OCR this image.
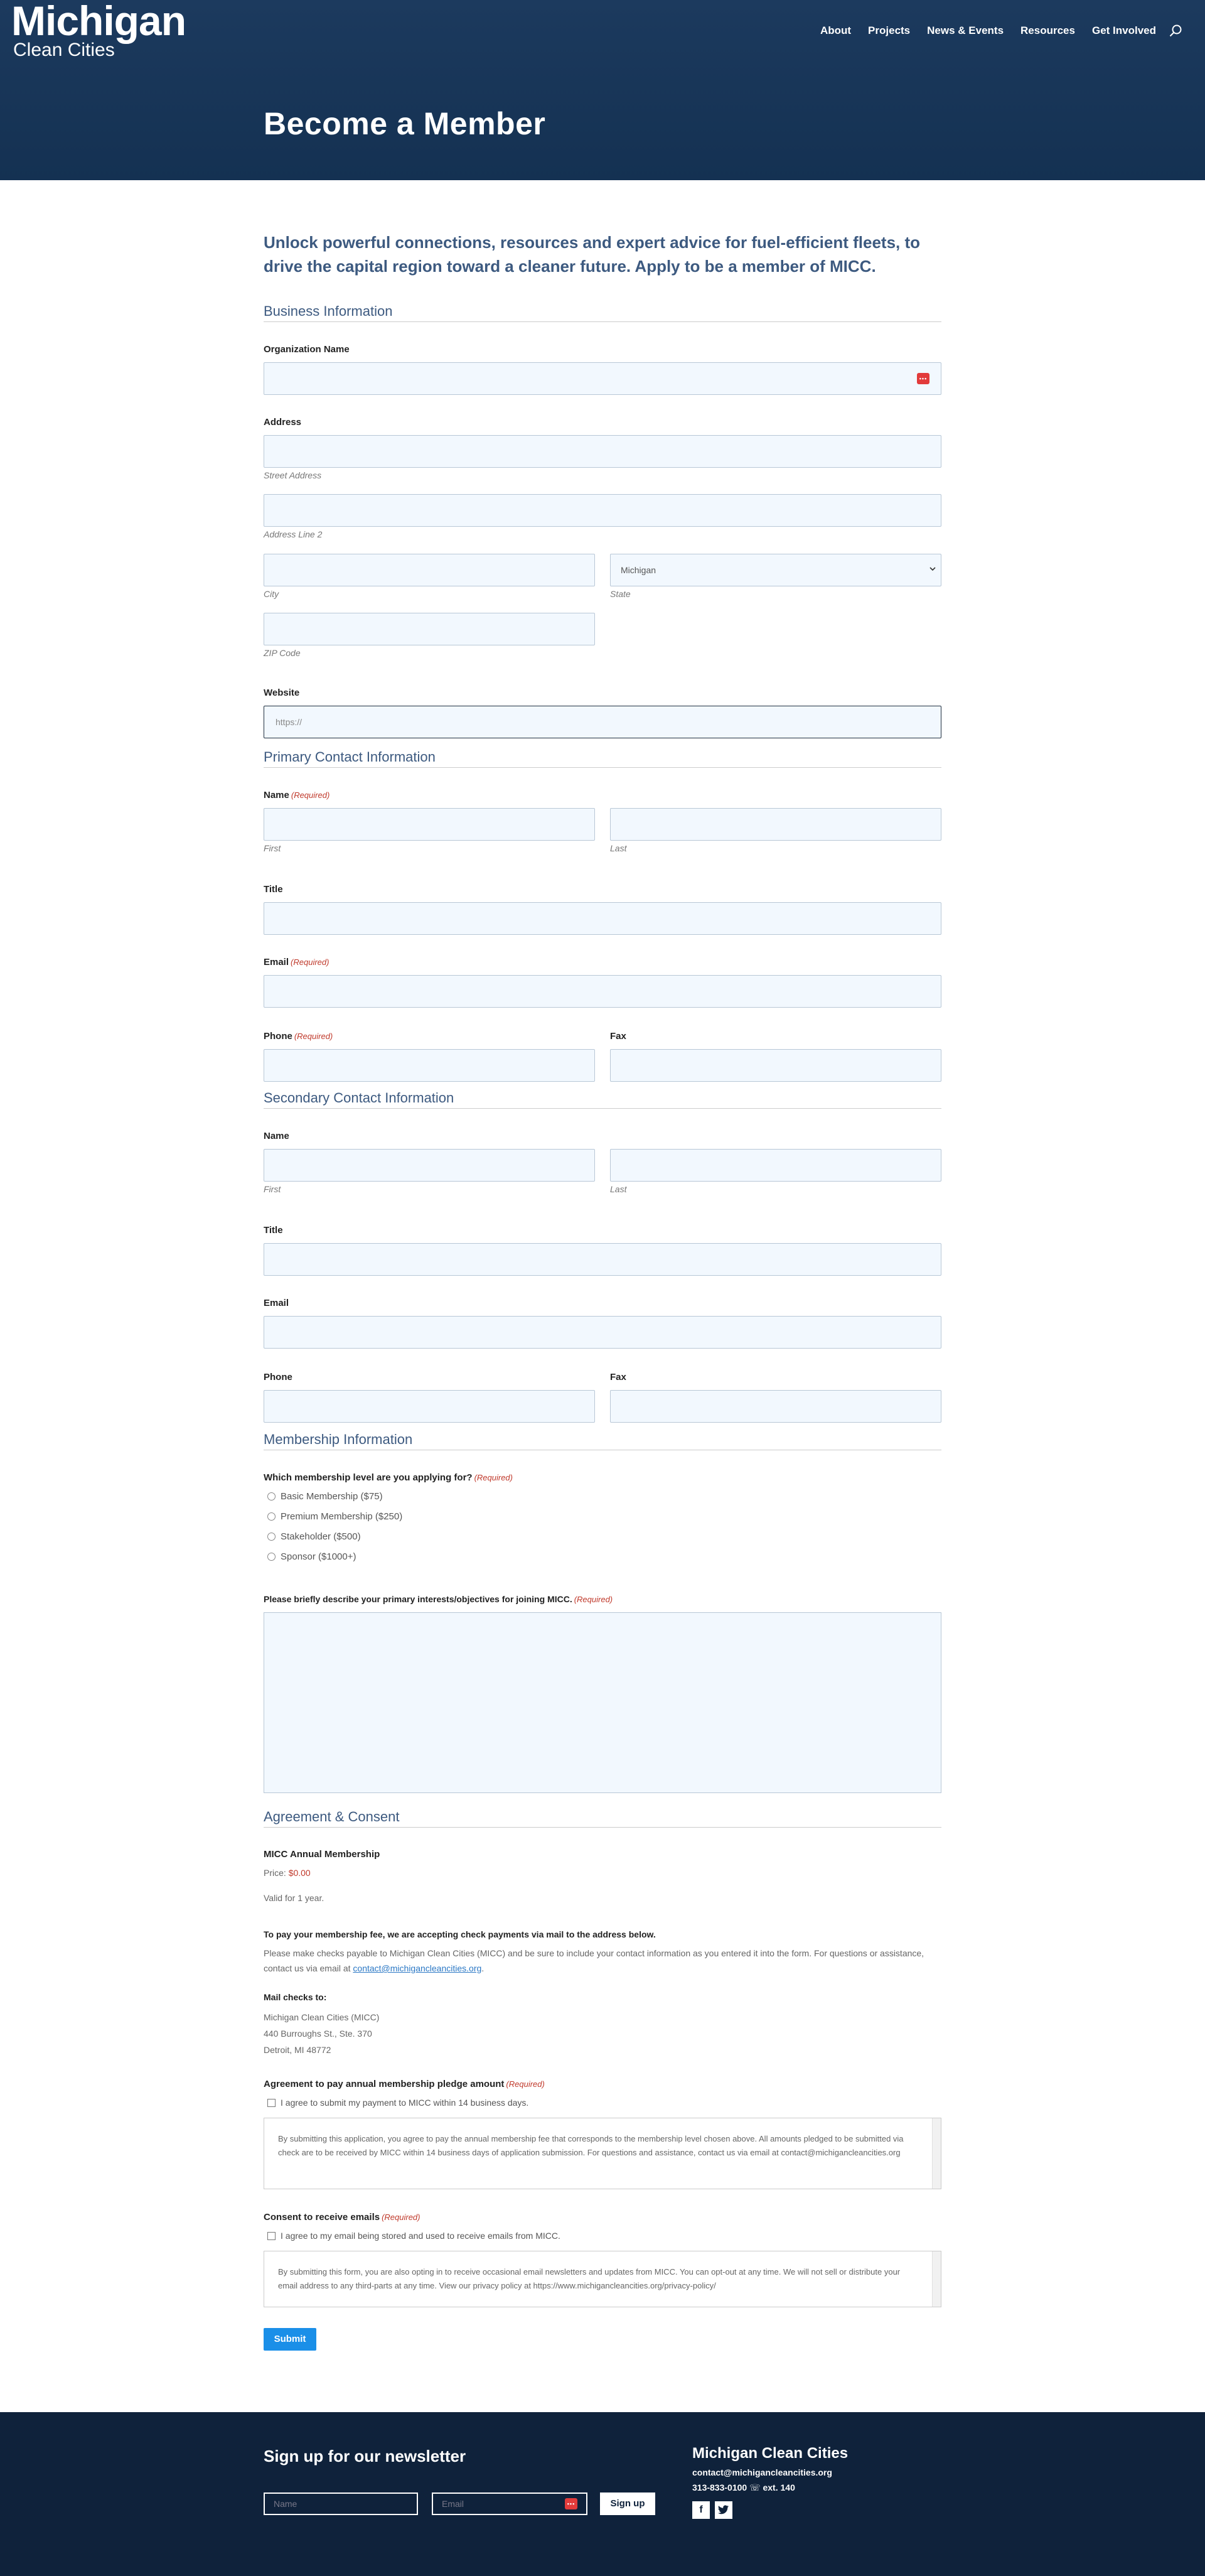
Michigan
Clean Cities
About Projects News & Events Resources Get Involved
Become a Member
Unlock powerful connections, resources and expert advice for fuel-efficient fleets, to drive the capital region toward a cleaner future. Apply to be a member of MICC.
Business Information
Organization Name
•••
Address
Street Address
Address Line 2
Michigan
City	State
ZIP Code
Website
https://
Primary Contact Information
Name (Required)
First	Last
Title
Email (Required)
Phone (Required)	Fax
Secondary Contact Information
Name
First	Last
Title
Email
Phone	Fax
Membership Information
Which membership level are you applying for? (Required)
Basic Membership ($75)
Premium Membership ($250)
Stakeholder ($500)
Sponsor ($1000+)
Please briefly describe your primary interests/objectives for joining MICC. (Required)
Agreement & Consent
MICC Annual Membership
Price: $0.00
Valid for 1 year.
To pay your membership fee, we are accepting check payments via mail to the address below.
Please make checks payable to Michigan Clean Cities (MICC) and be sure to include your contact information as you entered it into the form. For questions or assistance, contact us via email at contact@michigancleancities.org.
Mail checks to:
Michigan Clean Cities (MICC)
440 Burroughs St., Ste. 370
Detroit, MI 48772
Agreement to pay annual membership pledge amount (Required)
I agree to submit my payment to MICC within 14 business days.
By submitting this application, you agree to pay the annual membership fee that corresponds to the membership level chosen above. All amounts pledged to be submitted via check are to be received by MICC within 14 business days of application submission. For questions and assistance, contact us via email at contact@michigancleancities.org
Consent to receive emails (Required)
I agree to my email being stored and used to receive emails from MICC.
By submitting this form, you are also opting in to receive occasional email newsletters and updates from MICC. You can opt-out at any time. We will not sell or distribute your email address to any third-parts at any time. View our privacy policy at https://www.michigancleancities.org/privacy-policy/
Submit
Sign up for our newsletter
Name	Email	•••	Sign up
Michigan Clean Cities
contact@michigancleancities.org
313-833-0100 ☏ ext. 140
f
